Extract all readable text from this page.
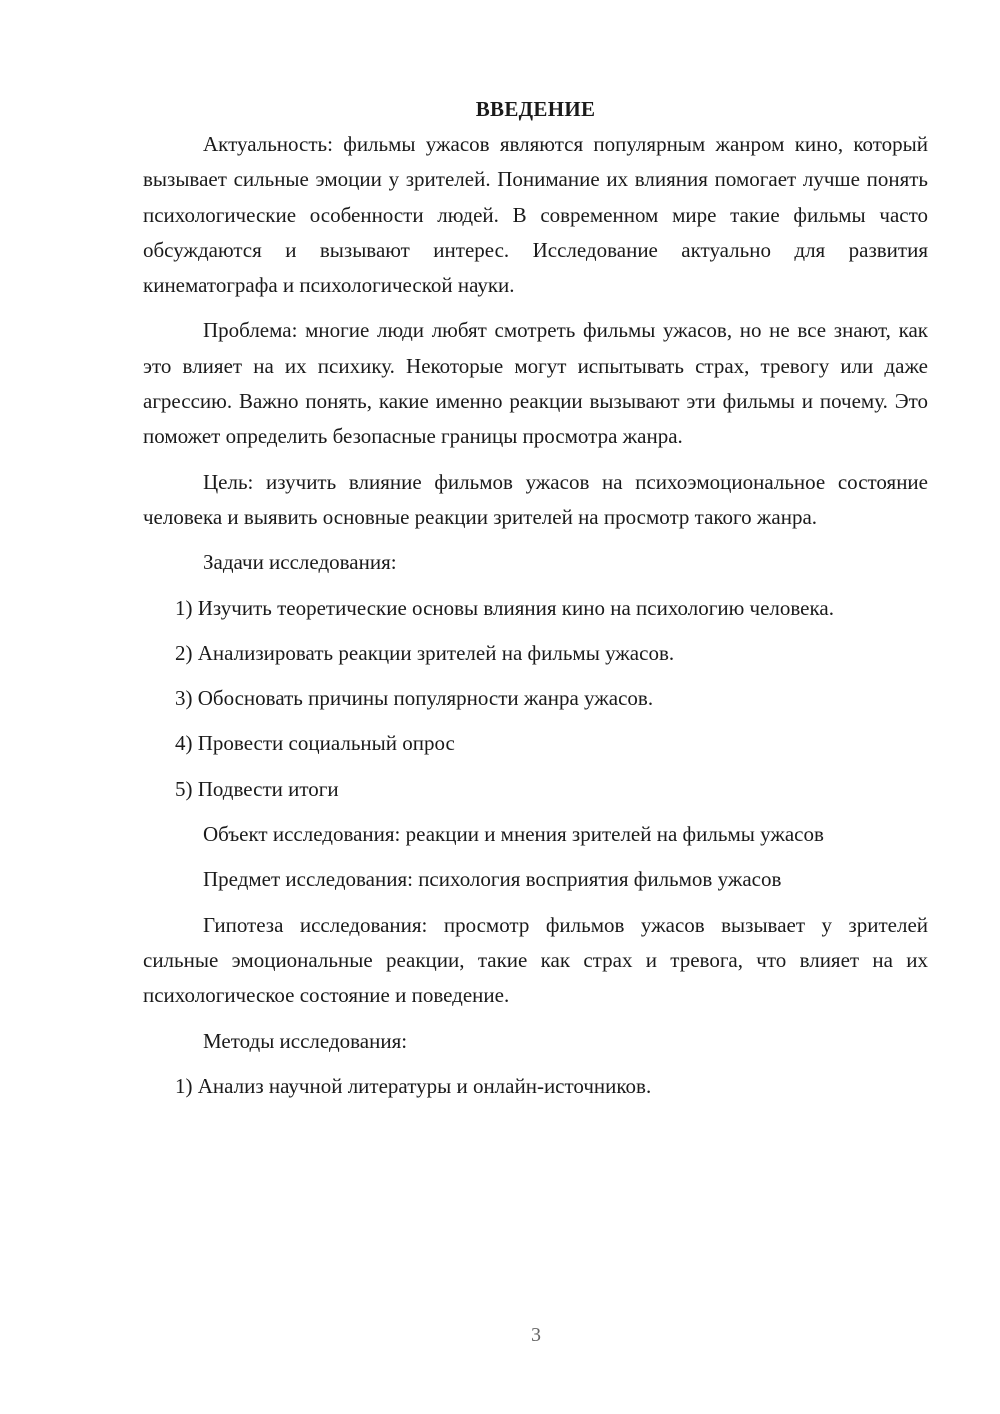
ВВЕДЕНИЕ

Актуальность: фильмы ужасов являются популярным жанром кино, который вызывает сильные эмоции у зрителей. Понимание их влияния помогает лучше понять психологические особенности людей. В современном мире такие фильмы часто обсуждаются и вызывают интерес. Исследование актуально для развития кинематографа и психологической науки.

Проблема: многие люди любят смотреть фильмы ужасов, но не все знают, как это влияет на их психику. Некоторые могут испытывать страх, тревогу или даже агрессию. Важно понять, какие именно реакции вызывают эти фильмы и почему. Это поможет определить безопасные границы просмотра жанра.

Цель: изучить влияние фильмов ужасов на психоэмоциональное состояние человека и выявить основные реакции зрителей на просмотр такого жанра.

Задачи исследования:

1) Изучить теоретические основы влияния кино на психологию человека.

2) Анализировать реакции зрителей на фильмы ужасов.

3) Обосновать причины популярности жанра ужасов.

4) Провести социальный опрос

5) Подвести итоги

Объект исследования: реакции и мнения зрителей на фильмы ужасов

Предмет исследования: психология восприятия фильмов ужасов

Гипотеза исследования: просмотр фильмов ужасов вызывает у зрителей сильные эмоциональные реакции, такие как страх и тревога, что влияет на их психологическое состояние и поведение.

Методы исследования:

1) Анализ научной литературы и онлайн-источников.

3
